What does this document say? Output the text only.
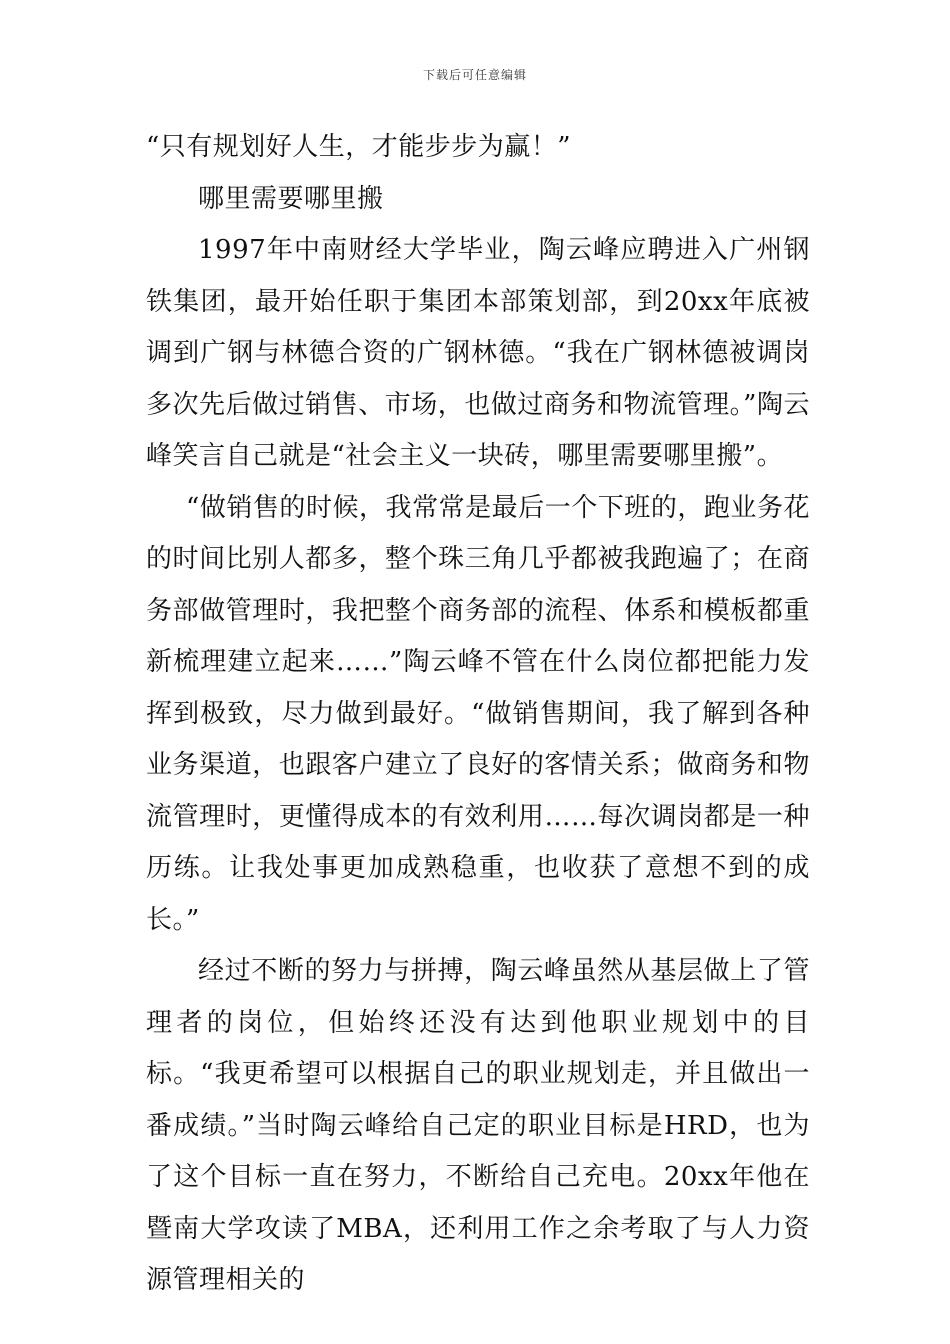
下载后可任意编辑

“只有规划好人生，才能步步为赢！”

哪里需要哪里搬

1997年中南财经大学毕业，陶云峰应聘进入广州钢铁集团，最开始任职于集团本部策划部，到20xx年底被调到广钢与林德合资的广钢林德。“我在广钢林德被调岗多次先后做过销售、市场，也做过商务和物流管理。”陶云峰笑言自己就是“社会主义一块砖，哪里需要哪里搬”。

“做销售的时候，我常常是最后一个下班的，跑业务花的时间比别人都多，整个珠三角几乎都被我跑遍了；在商务部做管理时，我把整个商务部的流程、体系和模板都重新梳理建立起来……”陶云峰不管在什么岗位都把能力发挥到极致，尽力做到最好。“做销售期间，我了解到各种业务渠道，也跟客户建立了良好的客情关系；做商务和物流管理时，更懂得成本的有效利用……每次调岗都是一种历练。让我处事更加成熟稳重，也收获了意想不到的成长。”

经过不断的努力与拼搏，陶云峰虽然从基层做上了管理者的岗位，但始终还没有达到他职业规划中的目标。“我更希望可以根据自己的职业规划走，并且做出一番成绩。”当时陶云峰给自己定的职业目标是HRD，也为了这个目标一直在努力，不断给自己充电。20xx年他在暨南大学攻读了MBA，还利用工作之余考取了与人力资源管理相关的
